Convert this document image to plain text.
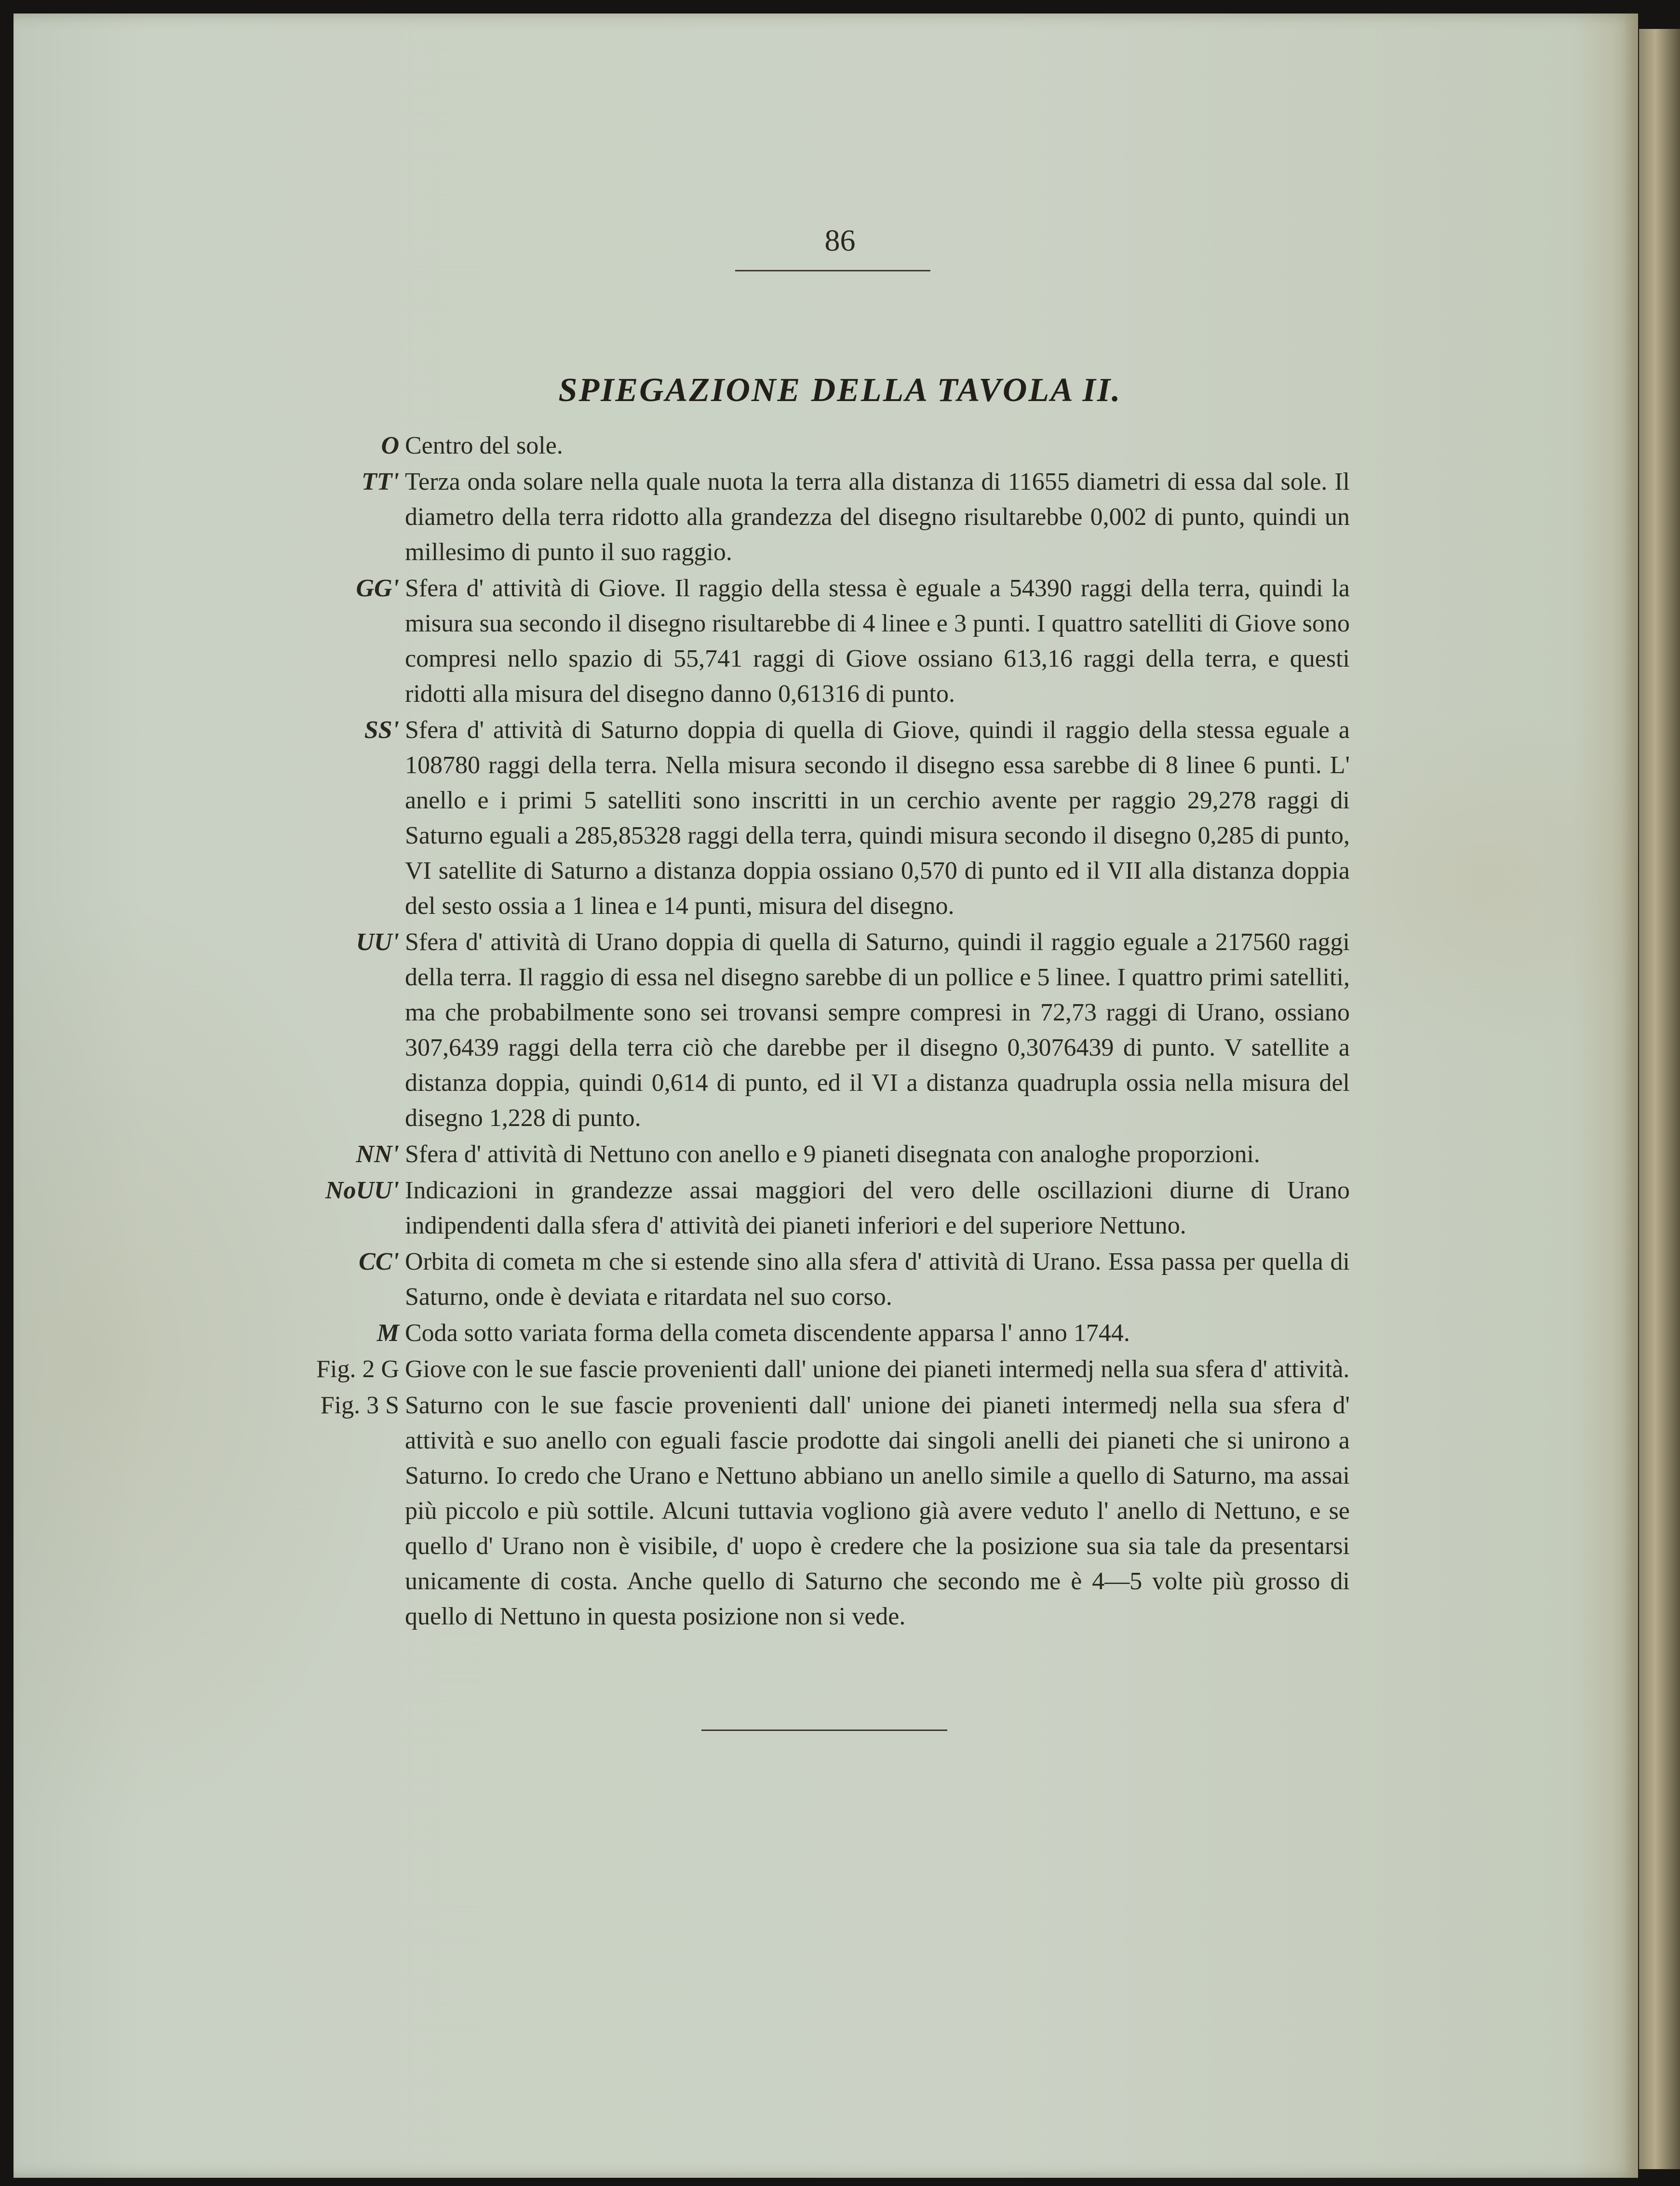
86
SPIEGAZIONE DELLA TAVOLA II.
O Centro del sole.
TT' Terza onda solare nella quale nuota la terra alla distanza di 11655 diametri di essa dal sole. Il diametro della terra ridotto alla grandezza del disegno risultarebbe 0,002 di punto, quindi un millesimo di punto il suo raggio.
GG' Sfera d' attività di Giove. Il raggio della stessa è eguale a 54390 raggi della terra, quindi la misura sua secondo il disegno risultarebbe di 4 linee e 3 punti. I quattro satelliti di Giove sono compresi nello spazio di 55,741 raggi di Giove ossiano 613,16 raggi della terra, e questi ridotti alla misura del disegno danno 0,61316 di punto.
SS' Sfera d' attività di Saturno doppia di quella di Giove, quindi il raggio della stessa eguale a 108780 raggi della terra. Nella misura secondo il disegno essa sarebbe di 8 linee 6 punti. L' anello e i primi 5 satelliti sono inscritti in un cerchio avente per raggio 29,278 raggi di Saturno eguali a 285,85328 raggi della terra, quindi misura secondo il disegno 0,285 di punto, VI satellite di Saturno a distanza doppia ossiano 0,570 di punto ed il VII alla distanza doppia del sesto ossia a 1 linea e 14 punti, misura del disegno.
UU' Sfera d' attività di Urano doppia di quella di Saturno, quindi il raggio eguale a 217560 raggi della terra. Il raggio di essa nel disegno sarebbe di un pollice e 5 linee. I quattro primi satelliti, ma che probabilmente sono sei trovansi sempre compresi in 72,73 raggi di Urano, ossiano 307,6439 raggi della terra ciò che darebbe per il disegno 0,3076439 di punto. V satellite a distanza doppia, quindi 0,614 di punto, ed il VI a distanza quadrupla ossia nella misura del disegno 1,228 di punto.
NN' Sfera d' attività di Nettuno con anello e 9 pianeti disegnata con analoghe proporzioni.
NoUU' Indicazioni in grandezze assai maggiori del vero delle oscillazioni diurne di Urano indipendenti dalla sfera d' attività dei pianeti inferiori e del superiore Nettuno.
CC' Orbita di cometa m che si estende sino alla sfera d' attività di Urano. Essa passa per quella di Saturno, onde è deviata e ritardata nel suo corso.
M Coda sotto variata forma della cometa discendente apparsa l' anno 1744.
Fig. 2 G Giove con le sue fascie provenienti dall' unione dei pianeti intermedj nella sua sfera d' attività.
Fig. 3 S Saturno con le sue fascie provenienti dall' unione dei pianeti intermedj nella sua sfera d' attività e suo anello con eguali fascie prodotte dai singoli anelli dei pianeti che si unirono a Saturno. Io credo che Urano e Nettuno abbiano un anello simile a quello di Saturno, ma assai più piccolo e più sottile. Alcuni tuttavia vogliono già avere veduto l' anello di Nettuno, e se quello d' Urano non è visibile, d' uopo è credere che la posizione sua sia tale da presentarsi unicamente di costa. Anche quello di Saturno che secondo me è 4—5 volte più grosso di quello di Nettuno in questa posizione non si vede.
